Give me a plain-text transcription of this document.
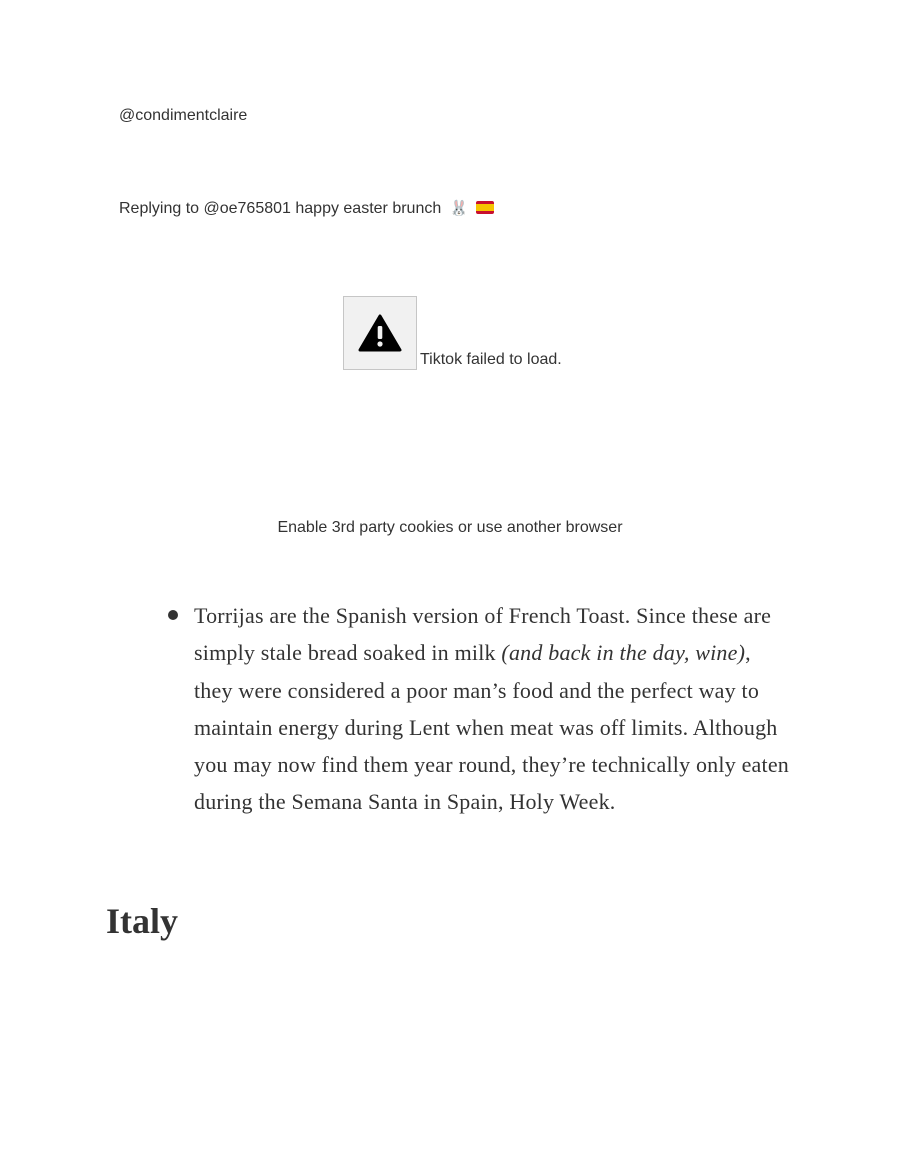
@condimentclaire
Replying to @oe765801 happy easter brunch 🐰
Tiktok failed to load.
Enable 3rd party cookies or use another browser
Torrijas are the Spanish version of French Toast. Since these are simply stale bread soaked in milk (and back in the day, wine), they were considered a poor man’s food and the perfect way to maintain energy during Lent when meat was off limits. Although you may now find them year round, they’re technically only eaten during the Semana Santa in Spain, Holy Week.
Italy
